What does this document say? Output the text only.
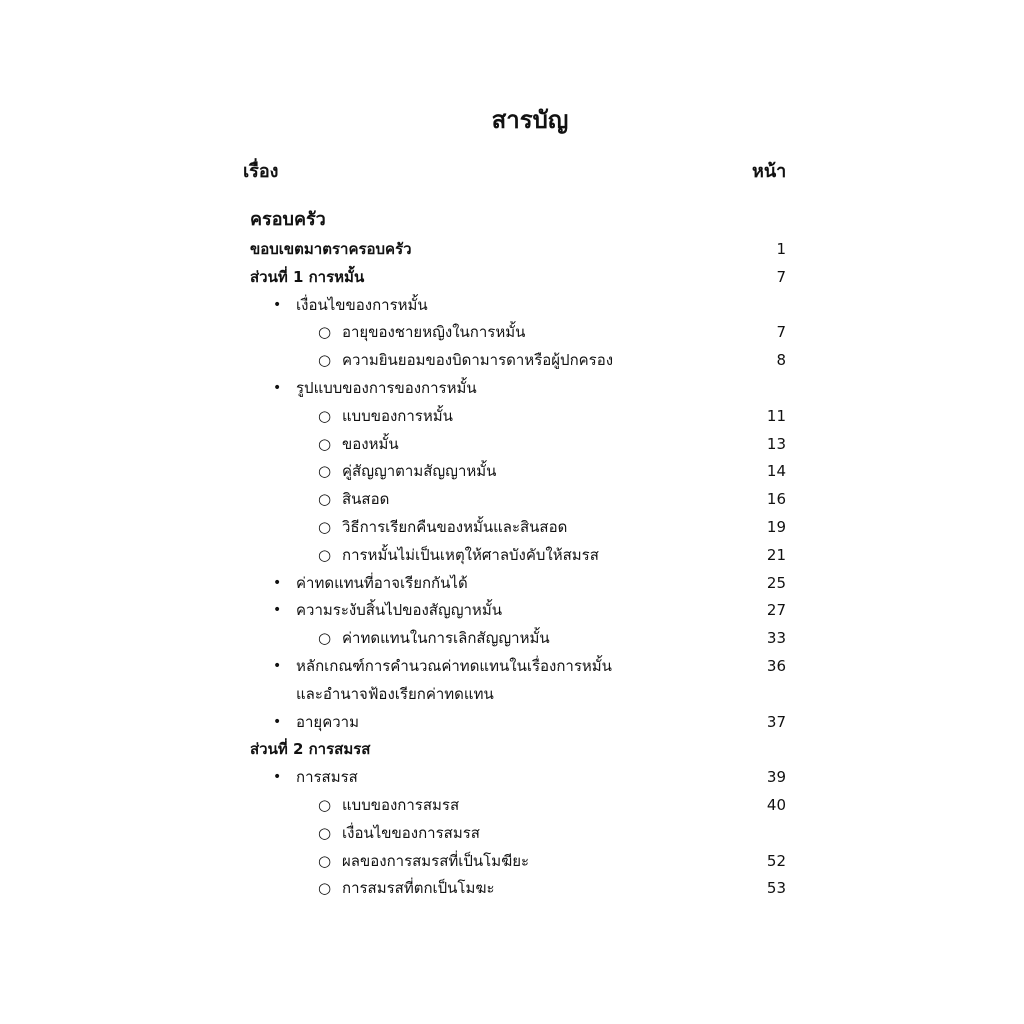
สารบัญ
เรื่อง	หน้า
ครอบครัว
ขอบเขตมาตราครอบครัว	1
ส่วนที่ 1 การหมั้น	7
• เงื่อนไขของการหมั้น
○ อายุของชายหญิงในการหมั้น	7
○ ความยินยอมของบิดามารดาหรือผู้ปกครอง	8
• รูปแบบของการของการหมั้น
○ แบบของการหมั้น	11
○ ของหมั้น	13
○ คู่สัญญาตามสัญญาหมั้น	14
○ สินสอด	16
○ วิธีการเรียกคืนของหมั้นและสินสอด	19
○ การหมั้นไม่เป็นเหตุให้ศาลบังคับให้สมรส	21
• ค่าทดแทนที่อาจเรียกกันได้	25
• ความระงับสิ้นไปของสัญญาหมั้น	27
○ ค่าทดแทนในการเลิกสัญญาหมั้น	33
• หลักเกณฑ์การคำนวณค่าทดแทนในเรื่องการหมั้น	36
และอำนาจฟ้องเรียกค่าทดแทน
• อายุความ	37
ส่วนที่ 2 การสมรส
• การสมรส	39
○ แบบของการสมรส	40
○ เงื่อนไขของการสมรส
○ ผลของการสมรสที่เป็นโมฆียะ	52
○ การสมรสที่ตกเป็นโมฆะ	53
